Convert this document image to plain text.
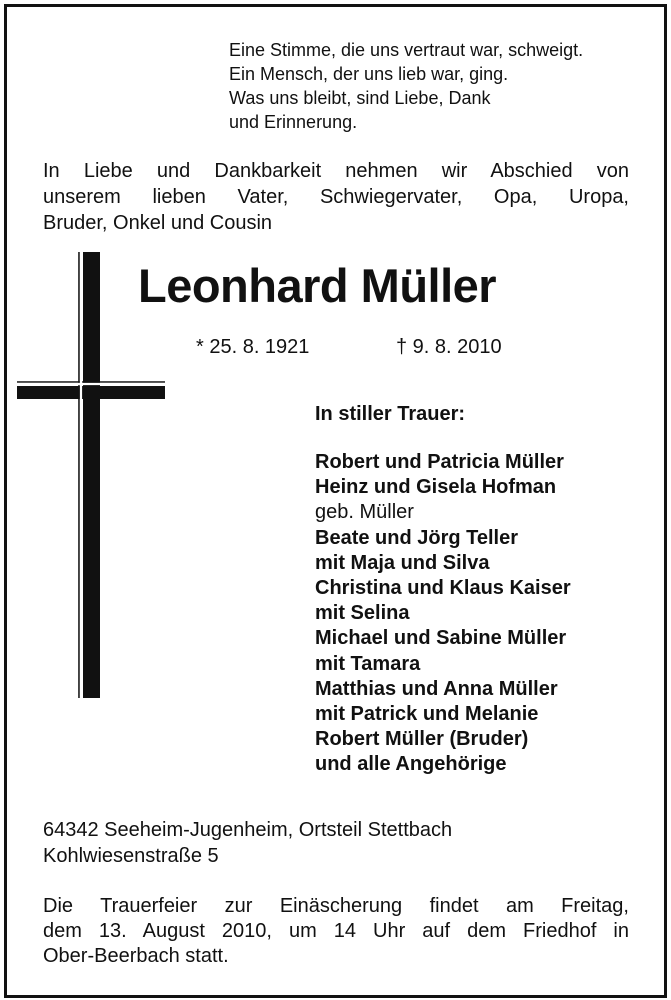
Eine Stimme, die uns vertraut war, schweigt.
Ein Mensch, der uns lieb war, ging.
Was uns bleibt, sind Liebe, Dank
und Erinnerung.
In Liebe und Dankbarkeit nehmen wir Abschied von
unserem lieben Vater, Schwiegervater, Opa, Uropa,
Bruder, Onkel und Cousin
Leonhard Müller
* 25. 8. 1921	† 9. 8. 2010
In stiller Trauer:
Robert und Patricia Müller
Heinz und Gisela Hofman
geb. Müller
Beate und Jörg Teller
mit Maja und Silva
Christina und Klaus Kaiser
mit Selina
Michael und Sabine Müller
mit Tamara
Matthias und Anna Müller
mit Patrick und Melanie
Robert Müller (Bruder)
und alle Angehörige
64342 Seeheim-Jugenheim, Ortsteil Stettbach
Kohlwiesenstraße 5
Die Trauerfeier zur Einäscherung findet am Freitag,
dem 13. August 2010, um 14 Uhr auf dem Friedhof in
Ober-Beerbach statt.
